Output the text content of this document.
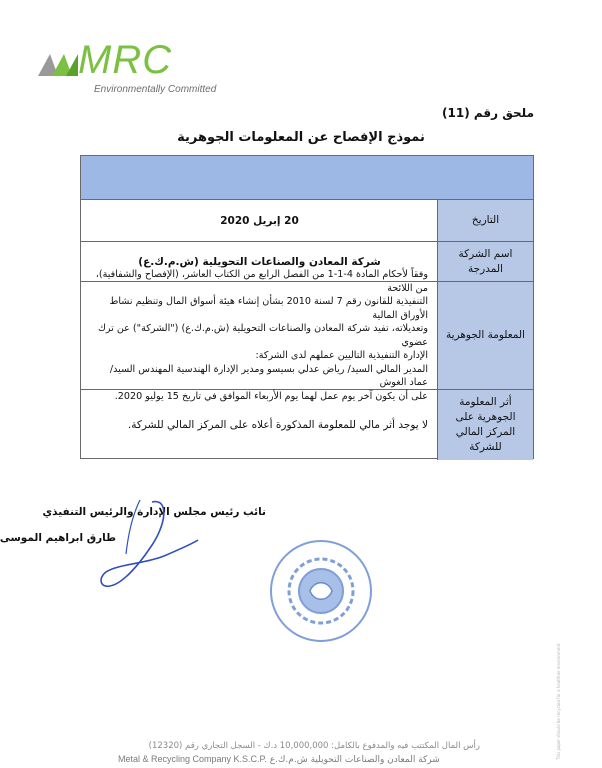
MRC
Environmentally Committed
ملحق رقم (11)
نموذج الإفصاح عن المعلومات الجوهرية
التاريخ
20 إبريل 2020
اسم الشركة المدرجة
شركة المعادن والصناعات التحويلية (ش.م.ك.ع)
المعلومة الجوهرية

وفقاً لأحكام المادة 4-1-1 من الفصل الرابع من الكتاب العاشر، (الإفصاح والشفافية)، من اللائحة

التنفيذية للقانون رقم 7 لسنة 2010 بشأن إنشاء هيئة أسواق المال وتنظيم نشاط الأوراق المالية

وتعديلاته، تفيد شركة المعادن والصناعات التحويلية (ش.م.ك.ع) ("الشركة") عن ترك عضوي

الإدارة التنفيذية التاليين عملهم لدى الشركة:

المدير المالي السيد/ رياض عدلي بسيسو ومدير الإدارة الهندسية المهندس السيد/ عماد الغوش

على أن يكون آخر يوم عمل لهما يوم الأربعاء الموافق في تاريخ 15 يوليو 2020.	أثر المعلومة الجوهرية على المركز المالي للشركة
لا يوجد أثر مالي للمعلومة المذكورة أعلاه على المركز المالي للشركة.
نائب رئيس مجلس الإدارة والرئيس التنفيذي
طارق ابراهيم الموسى
رأس المال المكتتب فيه والمدفوع بالكامل: 10,000,000 د.ك - السجل التجاري رقم (12320)
Metal & Recycling Company K.S.C.P. شركة المعادن والصناعات التحويلية ش.م.ك.ع	This paper should be recycled for a healthier environment
